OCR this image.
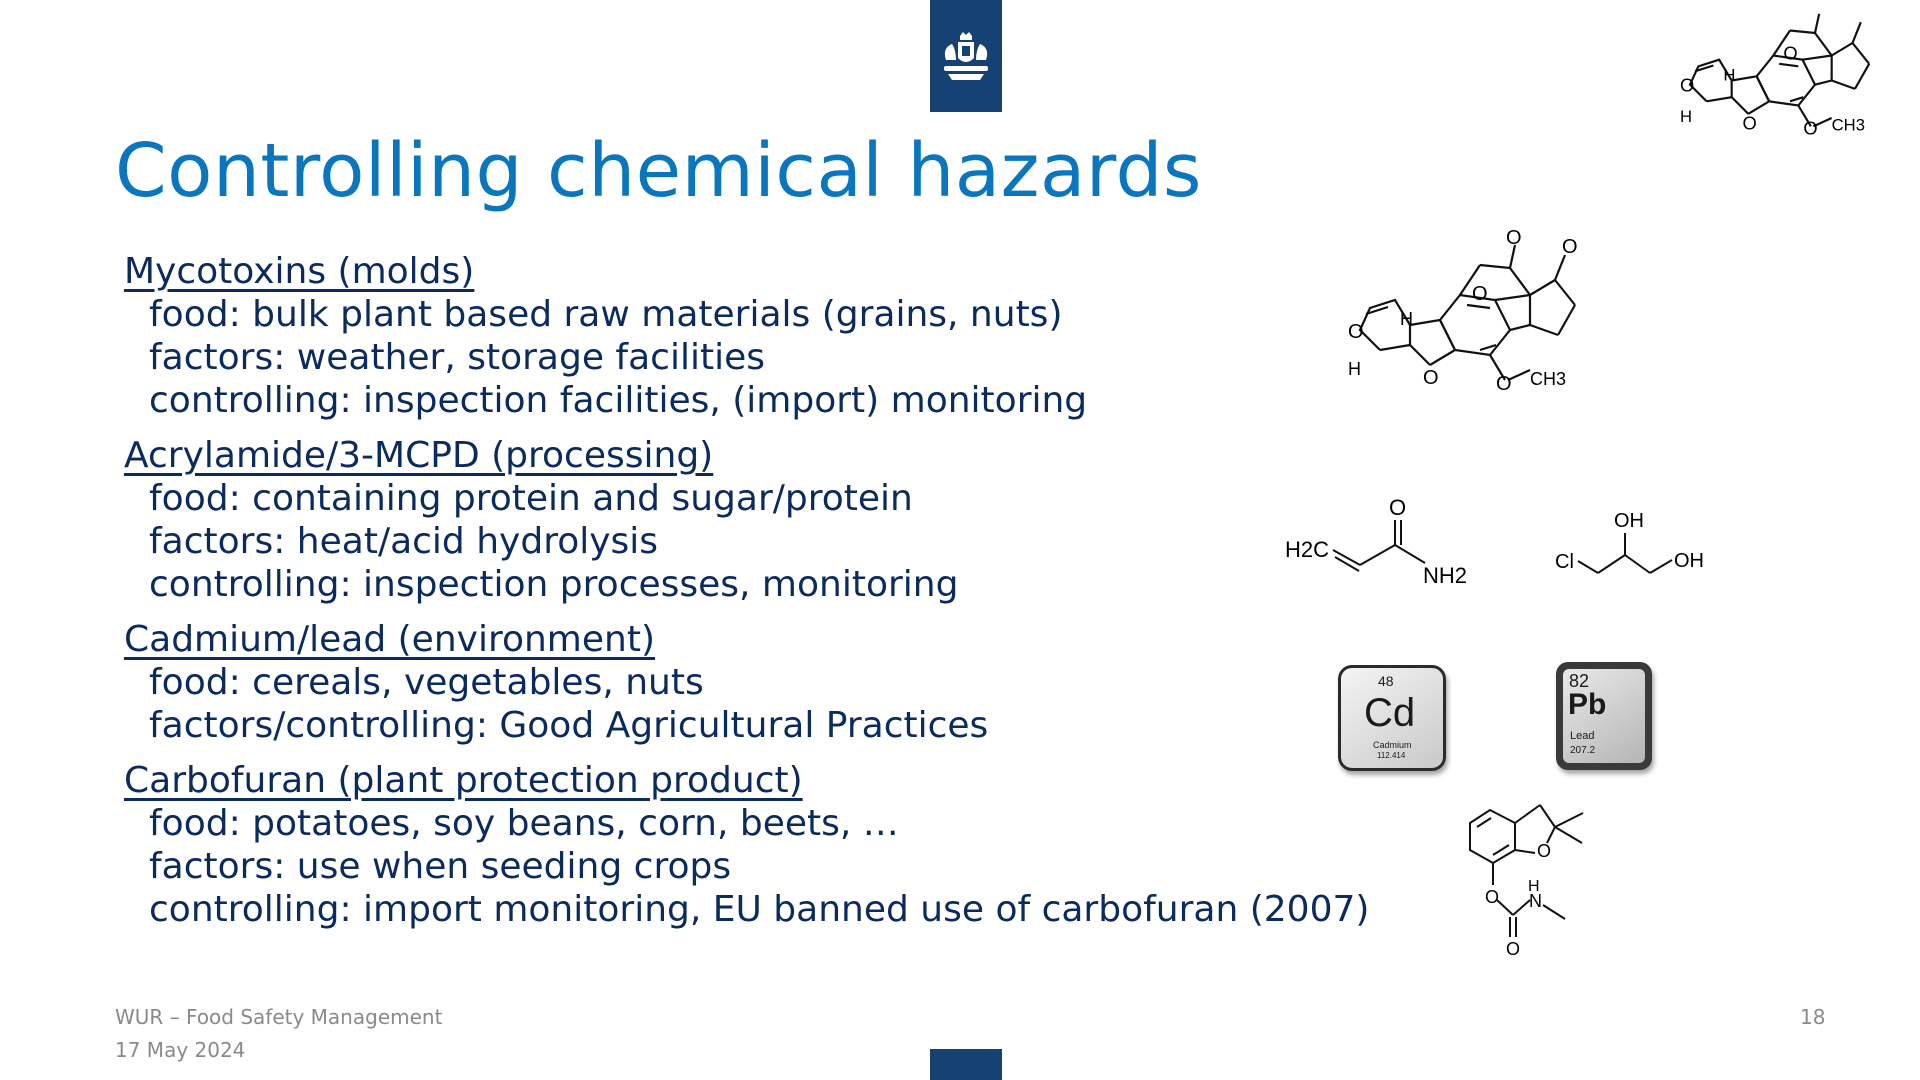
Controlling chemical hazards
Mycotoxins (molds)
food: bulk plant based raw materials (grains, nuts)
factors: weather, storage facilities
controlling: inspection facilities, (import) monitoring
Acrylamide/3-MCPD (processing)
food: containing protein and sugar/protein
factors: heat/acid hydrolysis
controlling: inspection processes, monitoring
Cadmium/lead (environment)
food: cereals, vegetables, nuts
factors/controlling: Good Agricultural Practices
Carbofuran (plant protection product)
food: potatoes, soy beans, corn, beets, …
factors: use when seeding crops
controlling: import monitoring, EU banned use of carbofuran (2007)
O
O O
O
O	O
H
H	CH3
O
O
O O
H
H	CH3
H2C
O
NH2
Cl
OH
OH
48
Cd
Cadmium
112.414
82
Pb
Lead
207.2
O
O
O
H
N
WUR – Food Safety Management
17 May 2024
18
